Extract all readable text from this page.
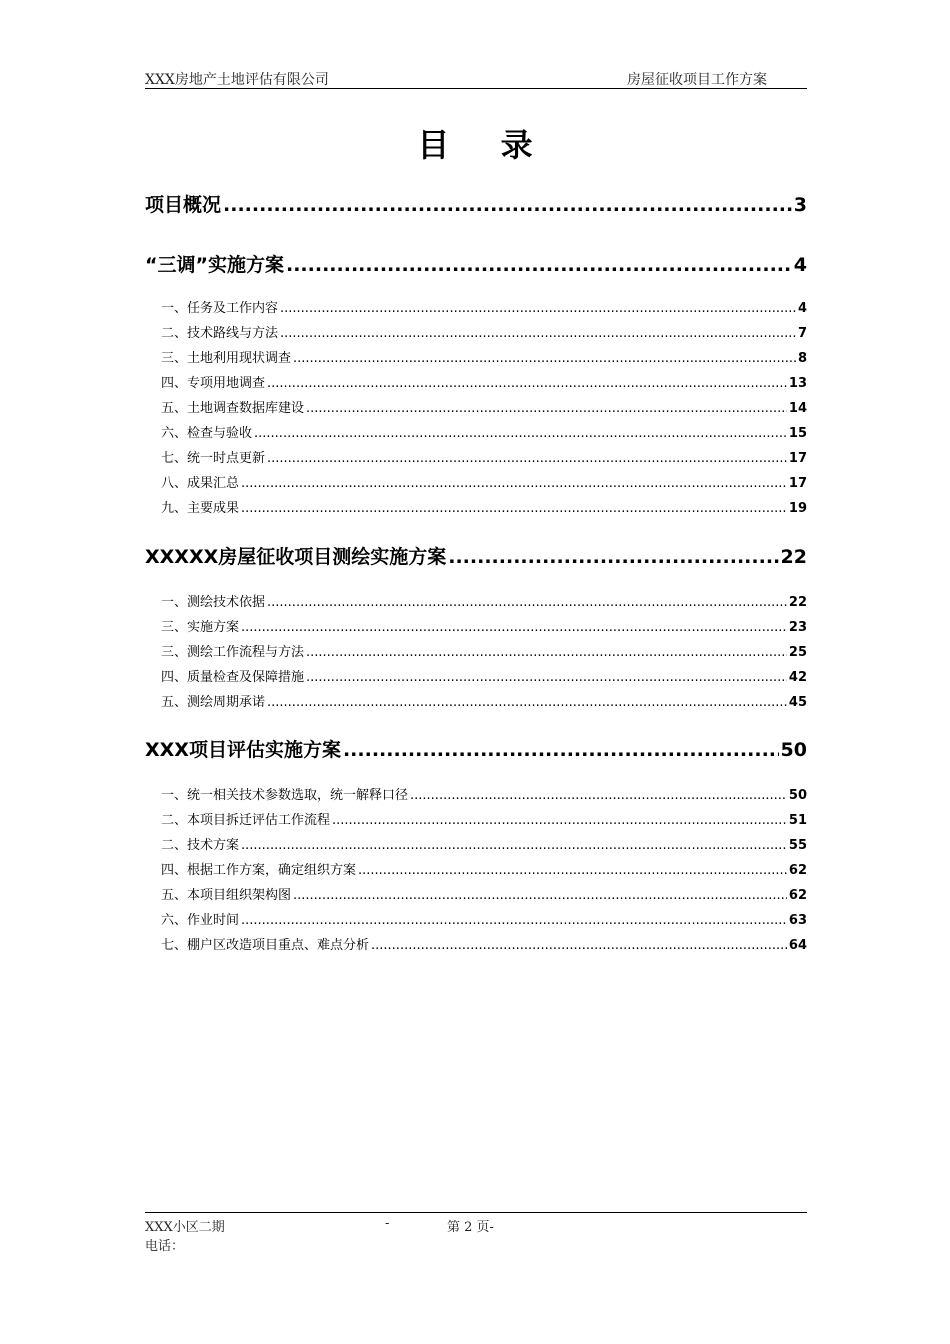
XXX房地产土地评估有限公司	房屋征收项目工作方案
目 录
项目概况 .....	3
“三调”实施方案 .....	4
一、任务及工作内容 .....	4
二、技术路线与方法 .....	7
三、土地利用现状调查 .....	8
四、专项用地调查 .....	13
五、土地调查数据库建设 .....	14
六、检查与验收 .....	15
七、统一时点更新 .....	17
八、成果汇总 .....	17
九、主要成果 .....	19
XXXXX房屋征收项目测绘实施方案 .....	22
一、测绘技术依据 .....	22
三、实施方案 .....	23
三、测绘工作流程与方法 .....	25
四、质量检查及保障措施 .....	42
五、测绘周期承诺 .....	45
XXX项目评估实施方案 .....	50
一、统一相关技术参数选取，统一解释口径 .....	50
二、本项目拆迁评估工作流程 .....	51
二、技术方案 .....	55
四、根据工作方案，确定组织方案 .....	62
五、本项目组织架构图 .....	62
六、作业时间 .....	63
七、棚户区改造项目重点、难点分析 .....	64
XXX小区二期	-	第 2 页-
电话：
